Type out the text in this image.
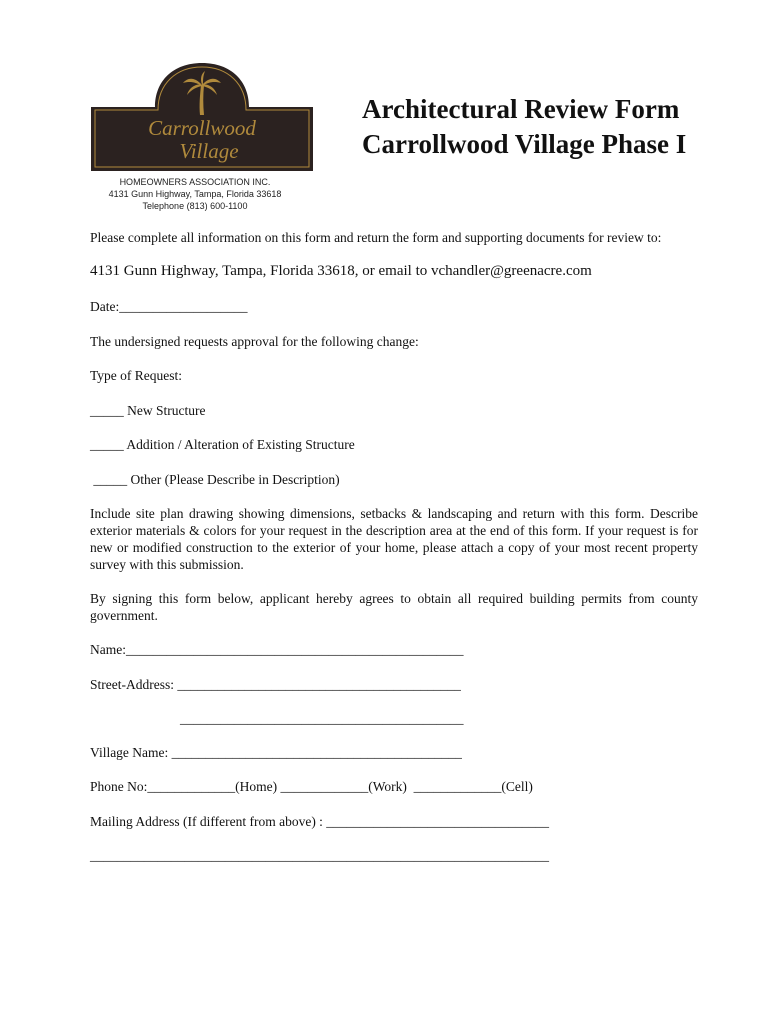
Carrollwood
Village
HOMEOWNERS ASSOCIATION INC.
4131 Gunn Highway, Tampa, Florida 33618
Telephone (813) 600-1100
Architectural Review Form
Carrollwood Village Phase I
Please complete all information on this form and return the form and supporting documents for review to:
4131 Gunn Highway, Tampa, Florida 33618, or email to vchandler@greenacre.com
Date:___________________
The undersigned requests approval for the following change:
Type of Request:
_____ New Structure
_____ Addition / Alteration of Existing Structure
_____ Other (Please Describe in Description)
Include site plan drawing showing dimensions, setbacks & landscaping and return with this form. Describe exterior materials & colors for your request in the description area at the end of this form. If your request is for new or modified construction to the exterior of your home, please attach a copy of your most recent property survey with this submission.
By signing this form below, applicant hereby agrees to obtain all required building permits from county government.
Name:__________________________________________________
Street-Address: __________________________________________
__________________________________________
Village Name: ___________________________________________
Phone No:_____________(Home) _____________(Work)  _____________(Cell)
Mailing Address (If different from above) : _________________________________
____________________________________________________________________
